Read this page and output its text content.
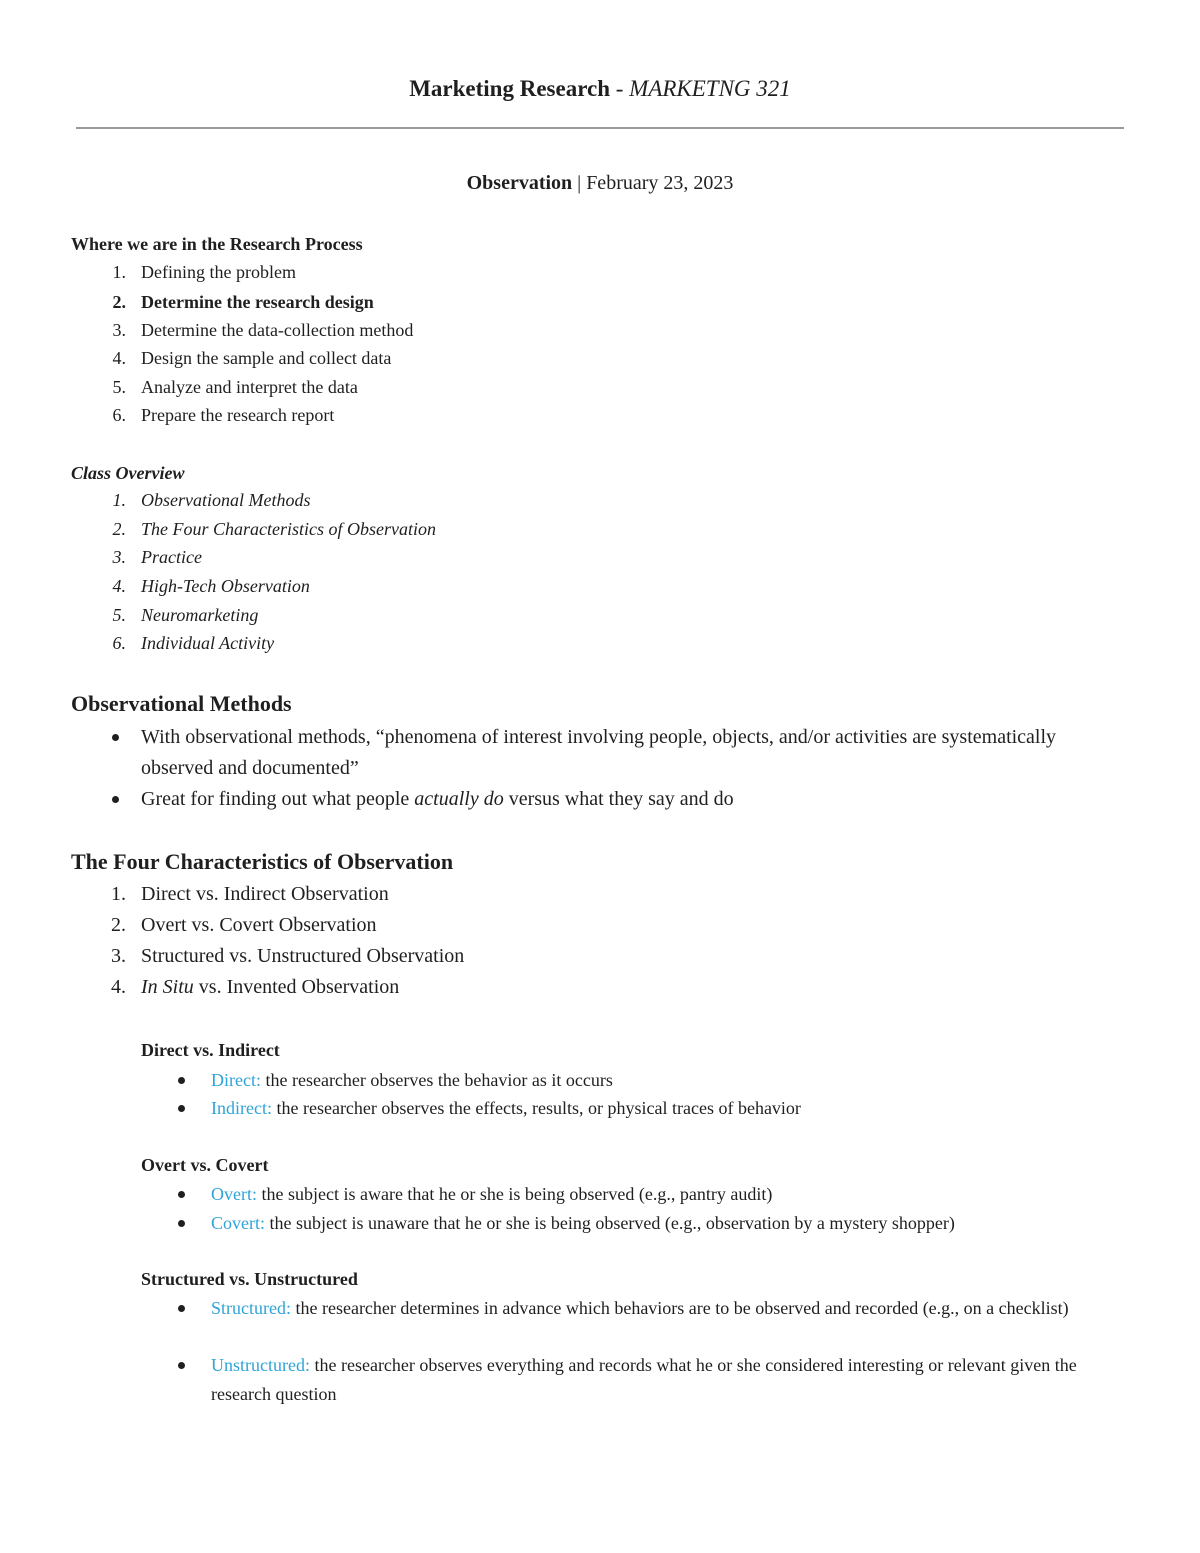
Marketing Research - MARKETNG 321
Observation | February 23, 2023
Where we are in the Research Process
1. Defining the problem
2. Determine the research design
3. Determine the data-collection method
4. Design the sample and collect data
5. Analyze and interpret the data
6. Prepare the research report
Class Overview
1. Observational Methods
2. The Four Characteristics of Observation
3. Practice
4. High-Tech Observation
5. Neuromarketing
6. Individual Activity
Observational Methods
With observational methods, “phenomena of interest involving people, objects, and/or activities are systematically observed and documented”
Great for finding out what people actually do versus what they say and do
The Four Characteristics of Observation
1. Direct vs. Indirect Observation
2. Overt vs. Covert Observation
3. Structured vs. Unstructured Observation
4. In Situ vs. Invented Observation
Direct vs. Indirect
Direct: the researcher observes the behavior as it occurs
Indirect: the researcher observes the effects, results, or physical traces of behavior
Overt vs. Covert
Overt: the subject is aware that he or she is being observed (e.g., pantry audit)
Covert: the subject is unaware that he or she is being observed (e.g., observation by a mystery shopper)
Structured vs. Unstructured
Structured: the researcher determines in advance which behaviors are to be observed and recorded (e.g., on a checklist)
Unstructured: the researcher observes everything and records what he or she considered interesting or relevant given the research question
